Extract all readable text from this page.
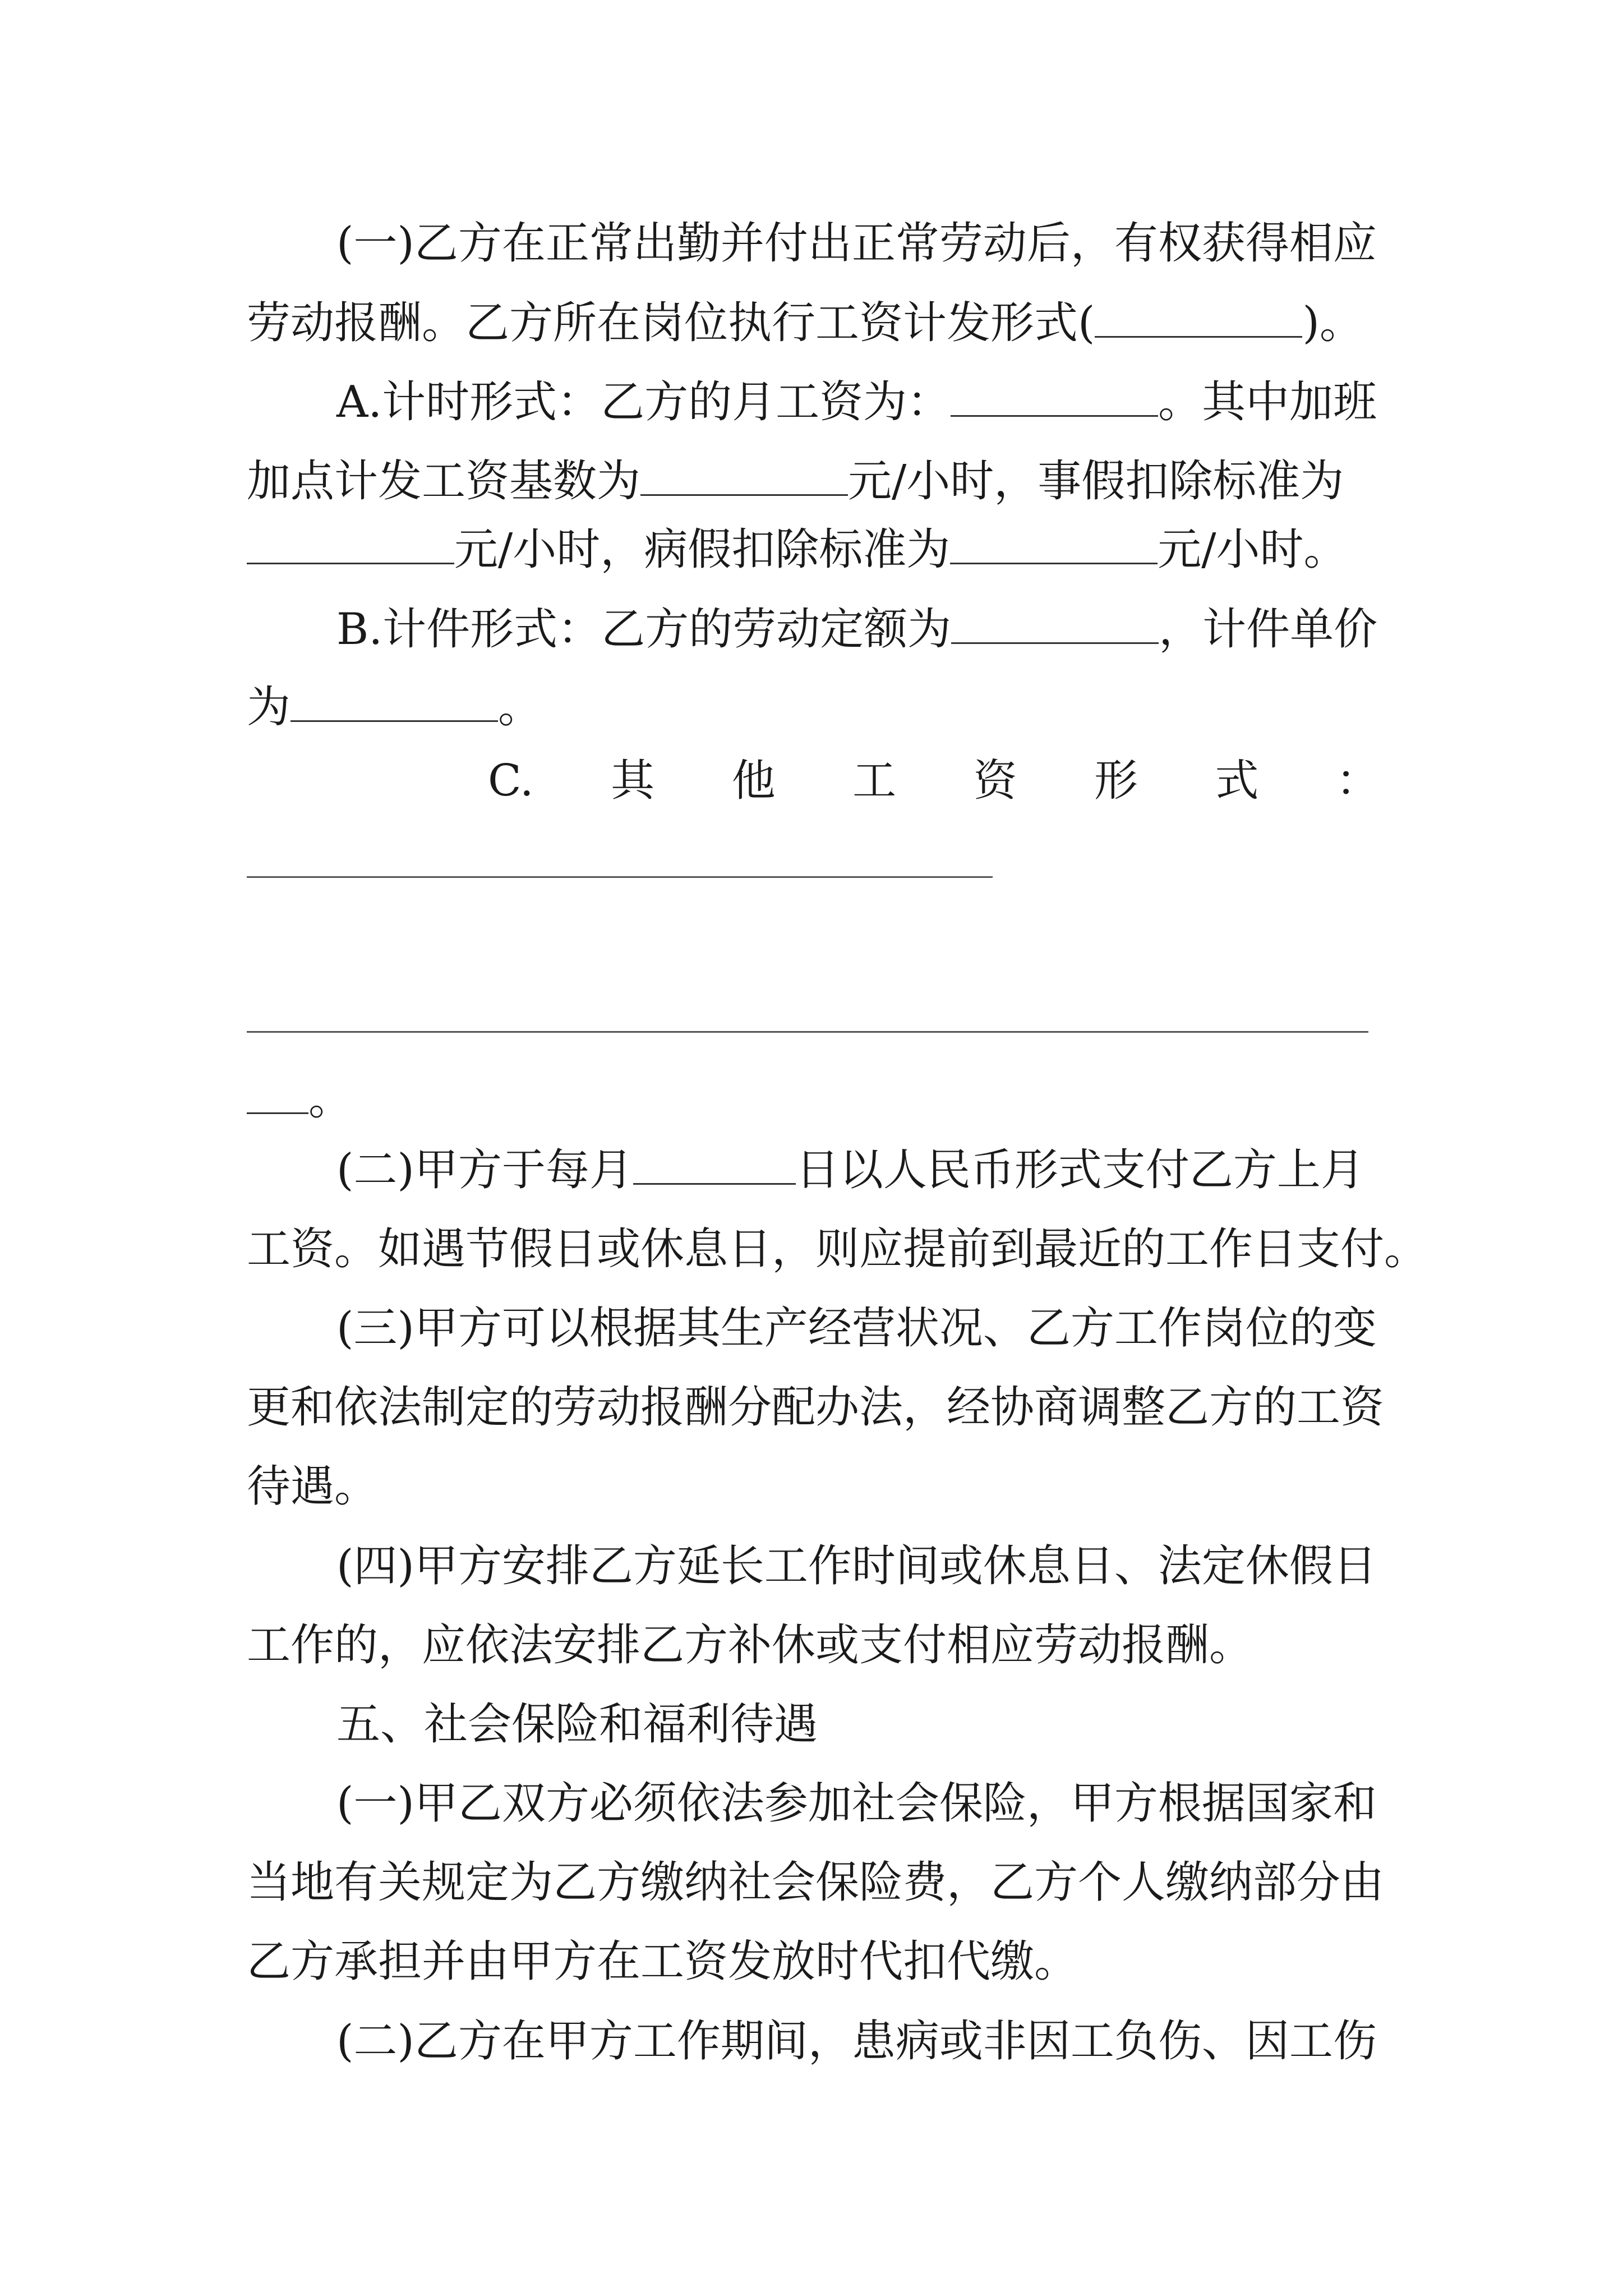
(一)乙方在正常出勤并付出正常劳动后，有权获得相应
劳动报酬。乙方所在岗位执行工资计发形式(	)。
A.计时形式：乙方的月工资为：	。其中加班
加点计发工资基数为	元/小时，事假扣除标准为
元/小时，病假扣除标准为	元/小时。
B.计件形式：乙方的劳动定额为	，计件单价
为	。
C. 其 他 工 资 形 式 ：
。
(二)甲方于每月	日以人民币形式支付乙方上月
工资。如遇节假日或休息日，则应提前到最近的工作日支付。
(三)甲方可以根据其生产经营状况、乙方工作岗位的变
更和依法制定的劳动报酬分配办法，经协商调整乙方的工资
待遇。
(四)甲方安排乙方延长工作时间或休息日、法定休假日
工作的，应依法安排乙方补休或支付相应劳动报酬。
五、社会保险和福利待遇
(一)甲乙双方必须依法参加社会保险，甲方根据国家和
当地有关规定为乙方缴纳社会保险费，乙方个人缴纳部分由
乙方承担并由甲方在工资发放时代扣代缴。
(二)乙方在甲方工作期间，患病或非因工负伤、因工伤
